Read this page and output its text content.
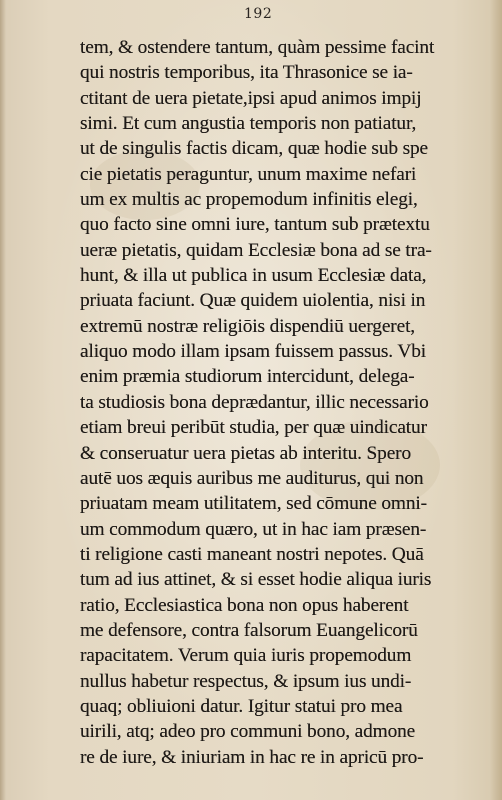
192
tem, & ostendere tantum, quàm pessime facint
qui nostris temporibus, ita Thrasonice se ia-
ctitant de uera pietate,ipsi apud animos impij
simi. Et cum angustia temporis non patiatur,
ut de singulis factis dicam, quæ hodie sub spe
cie pietatis peraguntur, unum maxime nefari
um ex multis ac propemodum infinitis elegi,
quo facto sine omni iure, tantum sub prætextu
ueræ pietatis, quidam Ecclesiæ bona ad se tra-
hunt, & illa ut publica in usum Ecclesiæ data,
priuata faciunt. Quæ quidem uiolentia, nisi in
extremū nostræ religiōis dispendiū uergeret,
aliquo modo illam ipsam fuissem passus. Vbi
enim præmia studiorum intercidunt, delega-
ta studiosis bona deprædantur, illic necessario
etiam breui peribūt studia, per quæ uindicatur
& conseruatur uera pietas ab interitu. Spero
autē uos æquis auribus me auditurus, qui non
priuatam meam utilitatem, sed cōmune omni-
um commodum quæro, ut in hac iam præsen-
ti religione casti maneant nostri nepotes. Quā
tum ad ius attinet, & si esset hodie aliqua iuris
ratio, Ecclesiastica bona non opus haberent
me defensore, contra falsorum Euangelicorū
rapacitatem. Verum quia iuris propemodum
nullus habetur respectus, & ipsum ius undi-
quaq; obliuioni datur. Igitur statui pro mea
uirili, atq; adeo pro communi bono, admone
re de iure, & iniuriam in hac re in apricū pro-
